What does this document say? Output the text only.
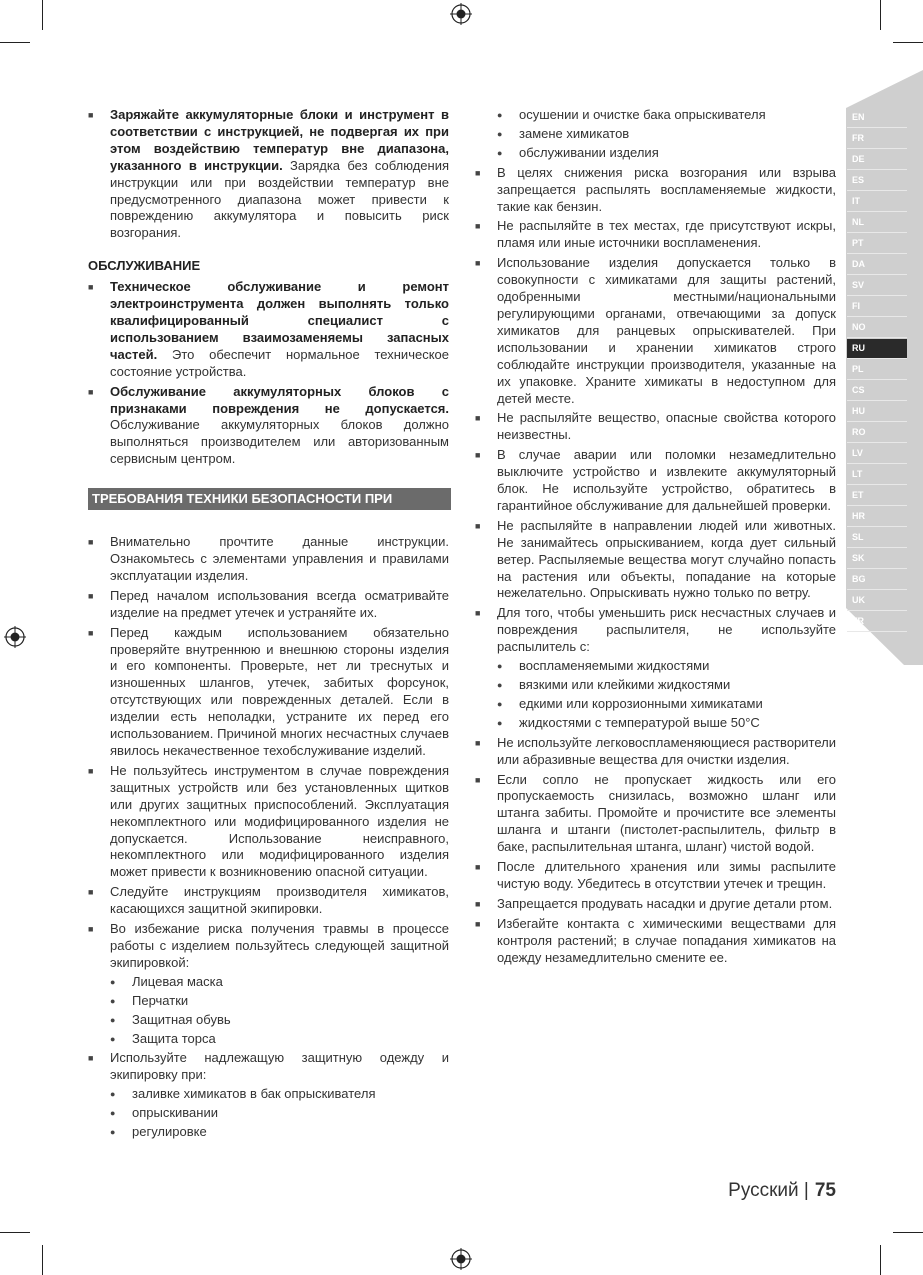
EN
FR
DE
ES
IT
NL
PT
DA
SV
FI
NO
RU
PL
CS
HU
RO
LV
LT
ET
HR
SL
SK
BG
UK
TR
■ Заряжайте аккумуляторные блоки и инструмент в соответствии с инструкцией, не подвергая их при этом воздействию температур вне диапазона, указанного в инструкции. Зарядка без соблюдения инструкции или при воздействии температур вне предусмотренного диапазона может привести к повреждению аккумулятора и повысить риск возгорания.
ОБСЛУЖИВАНИЕ
■ Техническое обслуживание и ремонт электроинструмента должен выполнять только квалифицированный специалист с использованием взаимозаменяемы запасных частей. Это обеспечит нормальное техническое состояние устройства.
■ Обслуживание аккумуляторных блоков с признаками повреждения не допускается. Обслуживание аккумуляторных блоков должно выполняться производителем или авторизованным сервисным центром.
ТРЕБОВАНИЯ ТЕХНИКИ БЕЗОПАСНОСТИ ПРИ
■ Внимательно прочтите данные инструкции. Ознакомьтесь с элементами управления и правилами эксплуатации изделия.
■ Перед началом использования всегда осматривайте изделие на предмет утечек и устраняйте их.
■ Перед каждым использованием обязательно проверяйте внутреннюю и внешнюю стороны изделия и его компоненты. Проверьте, нет ли треснутых и изношенных шлангов, утечек, забитых форсунок, отсутствующих или поврежденных деталей. Если в изделии есть неполадки, устраните их перед его использованием. Причиной многих несчастных случаев явилось некачественное техобслуживание изделий.
■ Не пользуйтесь инструментом в случае повреждения защитных устройств или без установленных щитков или других защитных приспособлений. Эксплуатация некомплектного или модифицированного изделия не допускается. Использование неисправного, некомплектного или модифицированного изделия может привести к возникновению опасной ситуации.
■ Следуйте инструкциям производителя химикатов, касающихся защитной экипировки.
■ Во избежание риска получения травмы в процессе работы с изделием пользуйтесь следующей защитной экипировкой:
● Лицевая маска
● Перчатки
● Защитная обувь
● Защита торса
■ Используйте надлежащую защитную одежду и экипировку при:
● заливке химикатов в бак опрыскивателя
● опрыскивании
● регулировке
● осушении и очистке бака опрыскивателя
● замене химикатов
● обслуживании изделия
■ В целях снижения риска возгорания или взрыва запрещается распылять воспламеняемые жидкости, такие как бензин.
■ Не распыляйте в тех местах, где присутствуют искры, пламя или иные источники воспламенения.
■ Использование изделия допускается только в совокупности с химикатами для защиты растений, одобренными местными/национальными регулирующими органами, отвечающими за допуск химикатов для ранцевых опрыскивателей. При использовании и хранении химикатов строго соблюдайте инструкции производителя, указанные на их упаковке. Храните химикаты в недоступном для детей месте.
■ Не распыляйте вещество, опасные свойства которого неизвестны.
■ В случае аварии или поломки незамедлительно выключите устройство и извлеките аккумуляторный блок. Не используйте устройство, обратитесь в гарантийное обслуживание для дальнейшей проверки.
■ Не распыляйте в направлении людей или животных. Не занимайтесь опрыскиванием, когда дует сильный ветер. Распыляемые вещества могут случайно попасть на растения или объекты, попадание на которые нежелательно. Опрыскивать нужно только по ветру.
■ Для того, чтобы уменьшить риск несчастных случаев и повреждения распылителя, не используйте распылитель с:
● воспламеняемыми жидкостями
● вязкими или клейкими жидкостями
● едкими или коррозионными химикатами
● жидкостями с температурой выше 50°C
■ Не используйте легковоспламеняющиеся растворители или абразивные вещества для очистки изделия.
■ Если сопло не пропускает жидкость или его пропускаемость снизилась, возможно шланг или штанга забиты. Промойте и прочистите все элементы шланга и штанги (пистолет-распылитель, фильтр в баке, распылительная штанга, шланг) чистой водой.
■ После длительного хранения или зимы распылите чистую воду. Убедитесь в отсутствии утечек и трещин.
■ Запрещается продувать насадки и другие детали ртом.
■ Избегайте контакта с химическими веществами для контроля растений; в случае попадания химикатов на одежду незамедлительно смените ее.
Русский | 75
